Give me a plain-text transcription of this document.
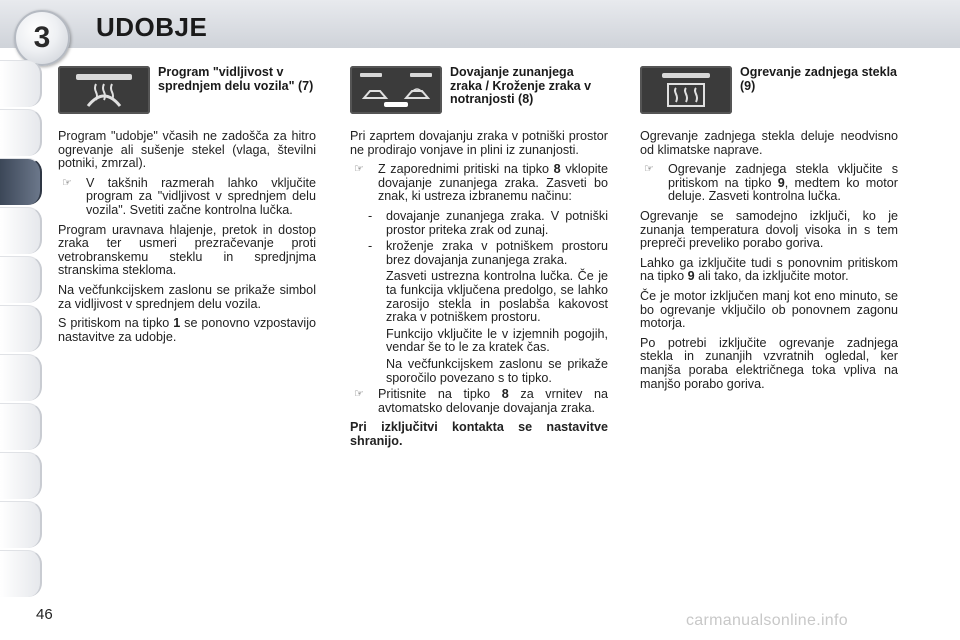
3	UDOBJE
Program "vidljivost v sprednjem delu vozila" (7)

Program "udobje" včasih ne zadošča za hitro ogrevanje ali sušenje stekel (vlaga, številni potniki, zmrzal).

☞	V takšnih razmerah lahko vključite program za "vidljivost v sprednjem delu vozila". Svetiti začne kontrolna lučka.

Program uravnava hlajenje, pretok in dostop zraka ter usmeri prezračevanje proti vetrobranskemu steklu in spredjnjma stranskima stekloma.

Na večfunkcijskem zaslonu se prikaže simbol za vidljivost v sprednjem delu vozila.

S pritiskom na tipko 1 se ponovno vzpostavijo nastavitve za udobje.

Dovajanje zunanjega zraka / Kroženje zraka v notranjosti (8)

Pri zaprtem dovajanju zraka v potniški prostor ne prodirajo vonjave in plini iz zunanjosti.

☞	Z zaporednimi pritiski na tipko 8 vklopite dovajanje zunanjega zraka. Zasveti bo znak, ki ustreza izbranemu načinu:
-	dovajanje zunanjega zraka. V potniški prostor priteka zrak od zunaj.
-	kroženje zraka v potniškem prostoru brez dovajanja zunanjega zraka.

Zasveti ustrezna kontrolna lučka. Če je ta funkcija vključena predolgo, se lahko zarosijo stekla in poslabša kakovost zraka v potniškem prostoru.

Funkcijo vključite le v izjemnih pogojih, vendar še to le za kratek čas.

Na večfunkcijskem zaslonu se prikaže sporočilo povezano s to tipko.

☞	Pritisnite na tipko 8 za vrnitev na avtomatsko delovanje dovajanja zraka.

Pri izključitvi kontakta se nastavitve shranijo.

Ogrevanje zadnjega stekla (9)

Ogrevanje zadnjega stekla deluje neodvisno od klimatske naprave.

☞	Ogrevanje zadnjega stekla vključite s pritiskom na tipko 9, medtem ko motor deluje. Zasveti kontrolna lučka.

Ogrevanje se samodejno izključi, ko je zunanja temperatura dovolj visoka in s tem prepreči preveliko porabo goriva.

Lahko ga izključite tudi s ponovnim pritiskom na tipko 9 ali tako, da izključite motor.

Če je motor izključen manj kot eno minuto, se bo ogrevanje vključilo ob ponovnem zagonu motorja.

Po potrebi izključite ogrevanje zadnjega stekla in zunanjih vzvratnih ogledal, ker manjša poraba električnega toka vpliva na manjšo porabo goriva.

46	carmanualsonline.info
